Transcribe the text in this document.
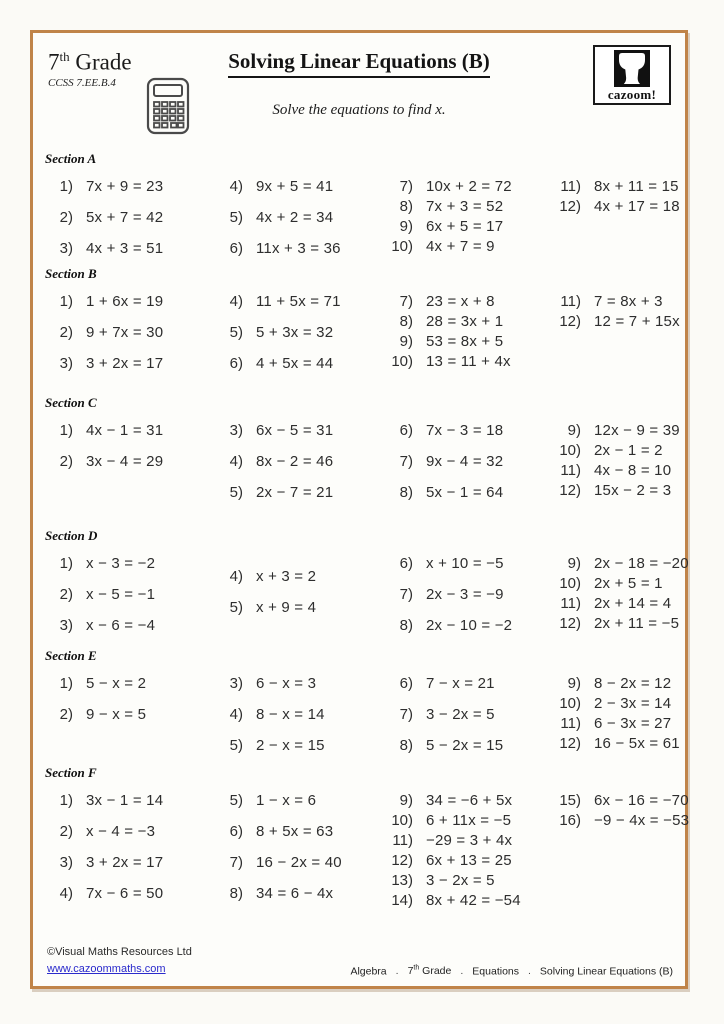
7th Grade
CCSS 7.EE.B.4
Solving Linear Equations (B)
Solve the equations to find x.
cazoom!
Section A
1) 7x + 9 = 23
2) 5x + 7 = 42
3) 4x + 3 = 51
4) 9x + 5 = 41
5) 4x + 2 = 34
6) 11x + 3 = 36
7) 10x + 2 = 72
8) 7x + 3 = 52
9) 6x + 5 = 17
10) 4x + 7 = 9
11) 8x + 11 = 15
12) 4x + 17 = 18
Section B
1) 1 + 6x = 19
2) 9 + 7x = 30
3) 3 + 2x = 17
4) 11 + 5x = 71
5) 5 + 3x = 32
6) 4 + 5x = 44
7) 23 = x + 8
8) 28 = 3x + 1
9) 53 = 8x + 5
10) 13 = 11 + 4x
11) 7 = 8x + 3
12) 12 = 7 + 15x
Section C
1) 4x − 1 = 31
2) 3x − 4 = 29
3) 6x − 5 = 31
4) 8x − 2 = 46
5) 2x − 7 = 21
6) 7x − 3 = 18
7) 9x − 4 = 32
8) 5x − 1 = 64
9) 12x − 9 = 39
10) 2x − 1 = 2
11) 4x − 8 = 10
12) 15x − 2 = 3
Section D
1) x − 3 = −2
2) x − 5 = −1
3) x − 6 = −4
4) x + 3 = 2
5) x + 9 = 4
6) x + 10 = −5
7) 2x − 3 = −9
8) 2x − 10 = −2
9) 2x − 18 = −20
10) 2x + 5 = 1
11) 2x + 14 = 4
12) 2x + 11 = −5
Section E
1) 5 − x = 2
2) 9 − x = 5
3) 6 − x = 3
4) 8 − x = 14
5) 2 − x = 15
6) 7 − x = 21
7) 3 − 2x = 5
8) 5 − 2x = 15
9) 8 − 2x = 12
10) 2 − 3x = 14
11) 6 − 3x = 27
12) 16 − 5x = 61
Section F
1) 3x − 1 = 14
2) x − 4 = −3
3) 3 + 2x = 17
4) 7x − 6 = 50
5) 1 − x = 6
6) 8 + 5x = 63
7) 16 − 2x = 40
8) 34 = 6 − 4x
9) 34 = −6 + 5x
10) 6 + 11x = −5
11) −29 = 3 + 4x
12) 6x + 13 = 25
13) 3 − 2x = 5
14) 8x + 42 = −54
15) 6x − 16 = −70
16) −9 − 4x = −53
©Visual Maths Resources Ltd
www.cazoommaths.com	Algebra . 7th Grade . Equations . Solving Linear Equations (B)
